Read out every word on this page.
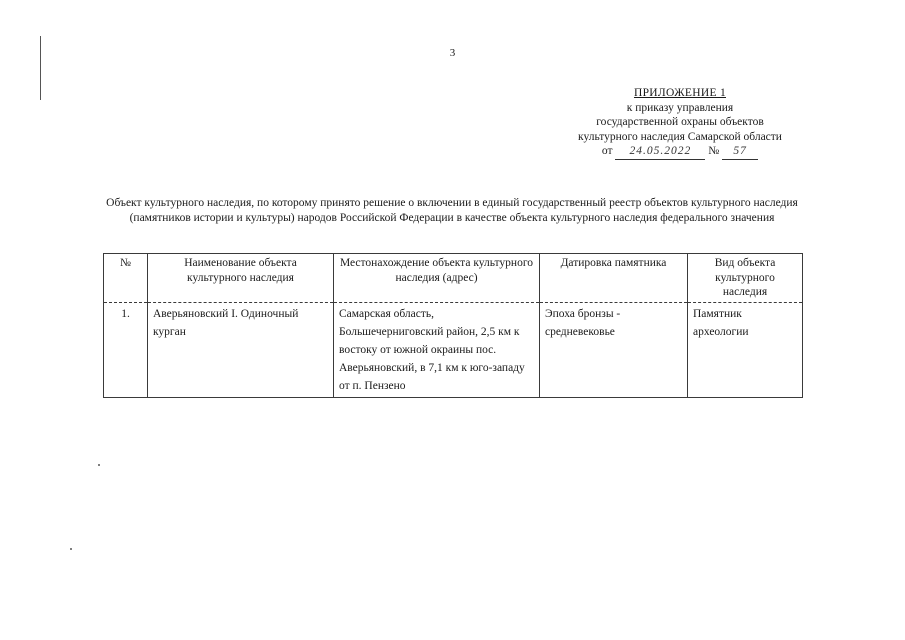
3
ПРИЛОЖЕНИЕ 1
к приказу управления
государственной охраны объектов
культурного наследия Самарской области
от 24.05.2022 № 57
Объект культурного наследия, по которому принято решение о включении в единый государственный реестр объектов культурного наследия (памятников истории и культуры) народов Российской Федерации в качестве объекта культурного наследия федерального значения
№	Наименование объекта культурного наследия	Местонахождение объекта культурного наследия (адрес)	Датировка памятника	Вид объекта культурного наследия
1.	Аверьяновский I. Одиночный курган	Самарская область, Большечерниговский район, 2,5 км к востоку от южной окраины пос. Аверьяновский, в 7,1 км к юго-западу от п. Пензено	Эпоха бронзы - средневековье	Памятник археологии
